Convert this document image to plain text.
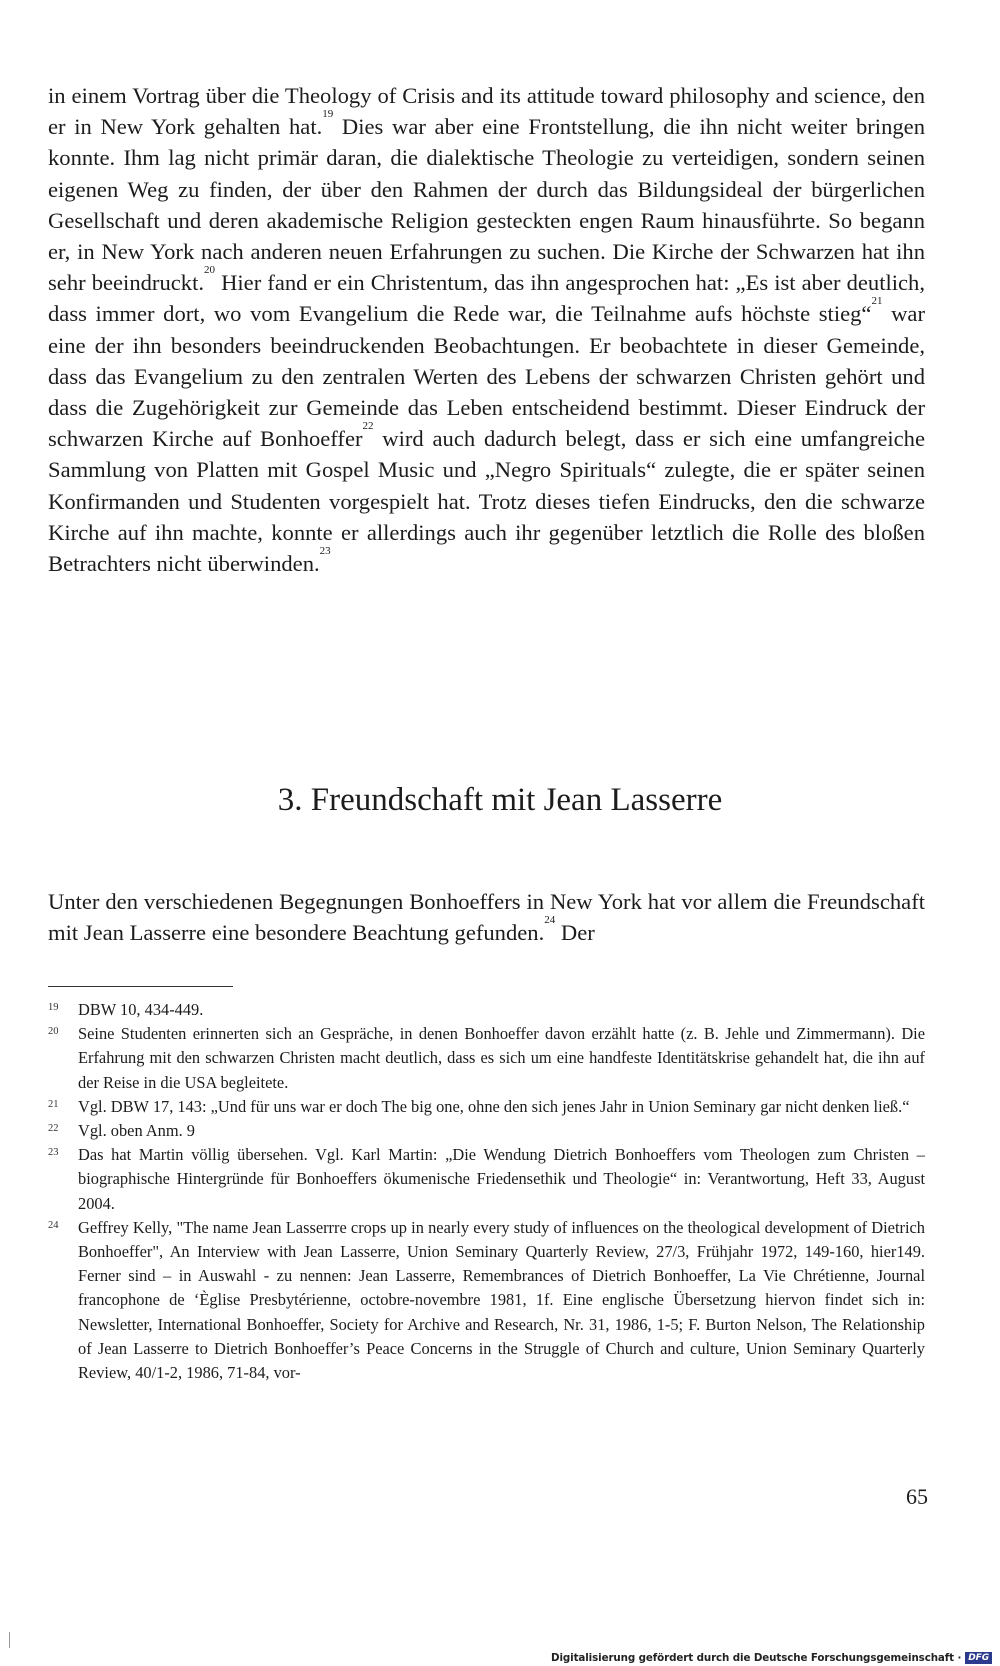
in einem Vortrag über die Theology of Crisis and its attitude toward philosophy and science, den er in New York gehalten hat.$^{19}$ Dies war aber eine Frontstellung, die ihn nicht weiter bringen konnte. Ihm lag nicht primär daran, die dialektische Theologie zu verteidigen, sondern seinen eigenen Weg zu finden, der über den Rahmen der durch das Bildungsideal der bürgerlichen Gesellschaft und deren akademische Religion gesteckten engen Raum hinausführte. So begann er, in New York nach anderen neuen Erfahrungen zu suchen. Die Kirche der Schwarzen hat ihn sehr beeindruckt.$^{20}$ Hier fand er ein Christentum, das ihn angesprochen hat: „Es ist aber deutlich, dass immer dort, wo vom Evangelium die Rede war, die Teilnahme aufs höchste stieg“$^{21}$ war eine der ihn besonders beeindruckenden Beobachtungen. Er beobachtete in dieser Gemeinde, dass das Evangelium zu den zentralen Werten des Lebens der schwarzen Christen gehört und dass die Zugehörigkeit zur Gemeinde das Leben entscheidend bestimmt. Dieser Eindruck der schwarzen Kirche auf Bonhoeffer$^{22}$ wird auch dadurch belegt, dass er sich eine umfangreiche Sammlung von Platten mit Gospel Music und „Negro Spirituals“ zulegte, die er später seinen Konfirmanden und Studenten vorgespielt hat. Trotz dieses tiefen Eindrucks, den die schwarze Kirche auf ihn machte, konnte er allerdings auch ihr gegenüber letztlich die Rolle des bloßen Betrachters nicht überwinden.$^{23}$

3. Freundschaft mit Jean Lasserre

Unter den verschiedenen Begegnungen Bonhoeffers in New York hat vor allem die Freundschaft mit Jean Lasserre eine besondere Beachtung gefunden.$^{24}$ Der

19 DBW 10, 434-449.
20 Seine Studenten erinnerten sich an Gespräche, in denen Bonhoeffer davon erzählt hatte (z. B. Jehle und Zimmermann). Die Erfahrung mit den schwarzen Christen macht deutlich, dass es sich um eine handfeste Identitätskrise gehandelt hat, die ihn auf der Reise in die USA begleitete.
21 Vgl. DBW 17, 143: „Und für uns war er doch The big one, ohne den sich jenes Jahr in Union Seminary gar nicht denken ließ.“
22 Vgl. oben Anm. 9
23 Das hat Martin völlig übersehen. Vgl. Karl Martin: „Die Wendung Dietrich Bonhoeffers vom Theologen zum Christen – biographische Hintergründe für Bonhoeffers ökumenische Friedensethik und Theologie“ in: Verantwortung, Heft 33, August 2004.
24 Geffrey Kelly, "The name Jean Lasserrre crops up in nearly every study of influences on the theological development of Dietrich Bonhoeffer", An Interview with Jean Lasserre, Union Seminary Quarterly Review, 27/3, Frühjahr 1972, 149-160, hier149. Ferner sind – in Auswahl - zu nennen: Jean Lasserre, Remembrances of Dietrich Bonhoeffer, La Vie Chrétienne, Journal francophone de ‘Èglise Presbytérienne, octobre-novembre 1981, 1f. Eine englische Übersetzung hiervon findet sich in: Newsletter, International Bonhoeffer, Society for Archive and Research, Nr. 31, 1986, 1-5; F. Burton Nelson, The Relationship of Jean Lasserre to Dietrich Bonhoeffer’s Peace Concerns in the Struggle of Church and culture, Union Seminary Quarterly Review, 40/1-2, 1986, 71-84, vor-
65
Digitalisierung gefördert durch die Deutsche Forschungsgemeinschaft · DFG
